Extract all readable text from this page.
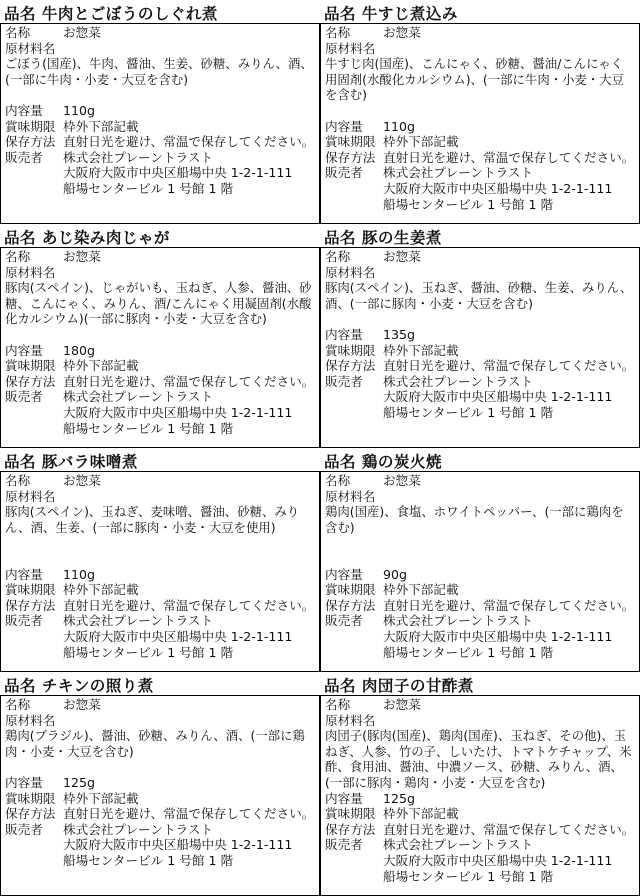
品名 牛肉とごぼうのしぐれ煮
名称	お惣菜
原材料名
ごぼう(国産)、牛肉、醤油、生姜、砂糖、みりん、酒、(一部に牛肉・小麦・大豆を含む)
内容量 110g
賞味期限 枠外下部記載
保存方法 直射日光を避け、常温で保存してください。
販売者 株式会社プレーントラスト
大阪府大阪市中央区船場中央 1-2-1-111
船場センタービル 1 号館 1 階
品名 牛すじ煮込み
名称	お惣菜
原材料名
牛すじ肉(国産)、こんにゃく、砂糖、醤油/こんにゃく用固剤(水酸化カルシウム)、(一部に牛肉・小麦・大豆を含む)
内容量 110g
賞味期限 枠外下部記載
保存方法 直射日光を避け、常温で保存してください。
販売者 株式会社プレーントラスト
大阪府大阪市中央区船場中央 1-2-1-111
船場センタービル 1 号館 1 階
品名 あじ染み肉じゃが
名称	お惣菜
原材料名
豚肉(スペイン)、じゃがいも、玉ねぎ、人参、醤油、砂糖、こんにゃく、みりん、酒/こんにゃく用凝固剤(水酸化カルシウム)(一部に豚肉・小麦・大豆を含む)
内容量 180g
賞味期限 枠外下部記載
保存方法 直射日光を避け、常温で保存してください。
販売者 株式会社プレーントラスト
大阪府大阪市中央区船場中央 1-2-1-111
船場センタービル 1 号館 1 階
品名 豚の生姜煮
名称	お惣菜
原材料名
豚肉(スペイン)、玉ねぎ、醤油、砂糖、生姜、みりん、酒、(一部に豚肉・小麦・大豆を含む)
内容量 135g
賞味期限 枠外下部記載
保存方法 直射日光を避け、常温で保存してください。
販売者 株式会社プレーントラスト
大阪府大阪市中央区船場中央 1-2-1-111
船場センタービル 1 号館 1 階
品名 豚バラ味噌煮
名称	お惣菜
原材料名
豚肉(スペイン)、玉ねぎ、麦味噌、醤油、砂糖、みりん、酒、生姜、(一部に豚肉・小麦・大豆を使用)
内容量 110g
賞味期限 枠外下部記載
保存方法 直射日光を避け、常温で保存してください。
販売者 株式会社プレーントラスト
大阪府大阪市中央区船場中央 1-2-1-111
船場センタービル 1 号館 1 階
品名 鶏の炭火焼
名称	お惣菜
原材料名
鶏肉(国産)、食塩、ホワイトペッパー、(一部に鶏肉を含む)
内容量 90g
賞味期限 枠外下部記載
保存方法 直射日光を避け、常温で保存してください。
販売者 株式会社プレーントラスト
大阪府大阪市中央区船場中央 1-2-1-111
船場センタービル 1 号館 1 階
品名 チキンの照り煮
名称	お惣菜
原材料名
鶏肉(ブラジル)、醤油、砂糖、みりん、酒、(一部に鶏肉・小麦・大豆を含む)
内容量 125g
賞味期限 枠外下部記載
保存方法 直射日光を避け、常温で保存してください。
販売者 株式会社プレーントラスト
大阪府大阪市中央区船場中央 1-2-1-111
船場センタービル 1 号館 1 階
品名 肉団子の甘酢煮
名称	お惣菜
原材料名
肉団子(豚肉(国産)、鶏肉(国産)、玉ねぎ、その他)、玉ねぎ、人参、竹の子、しいたけ、トマトケチャップ、米酢、食用油、醤油、中濃ソース、砂糖、みりん、酒、(一部に豚肉・鶏肉・小麦・大豆を含む)
内容量 125g
賞味期限 枠外下部記載
保存方法 直射日光を避け、常温で保存してください。
販売者 株式会社プレーントラスト
大阪府大阪市中央区船場中央 1-2-1-111
船場センタービル 1 号館 1 階
